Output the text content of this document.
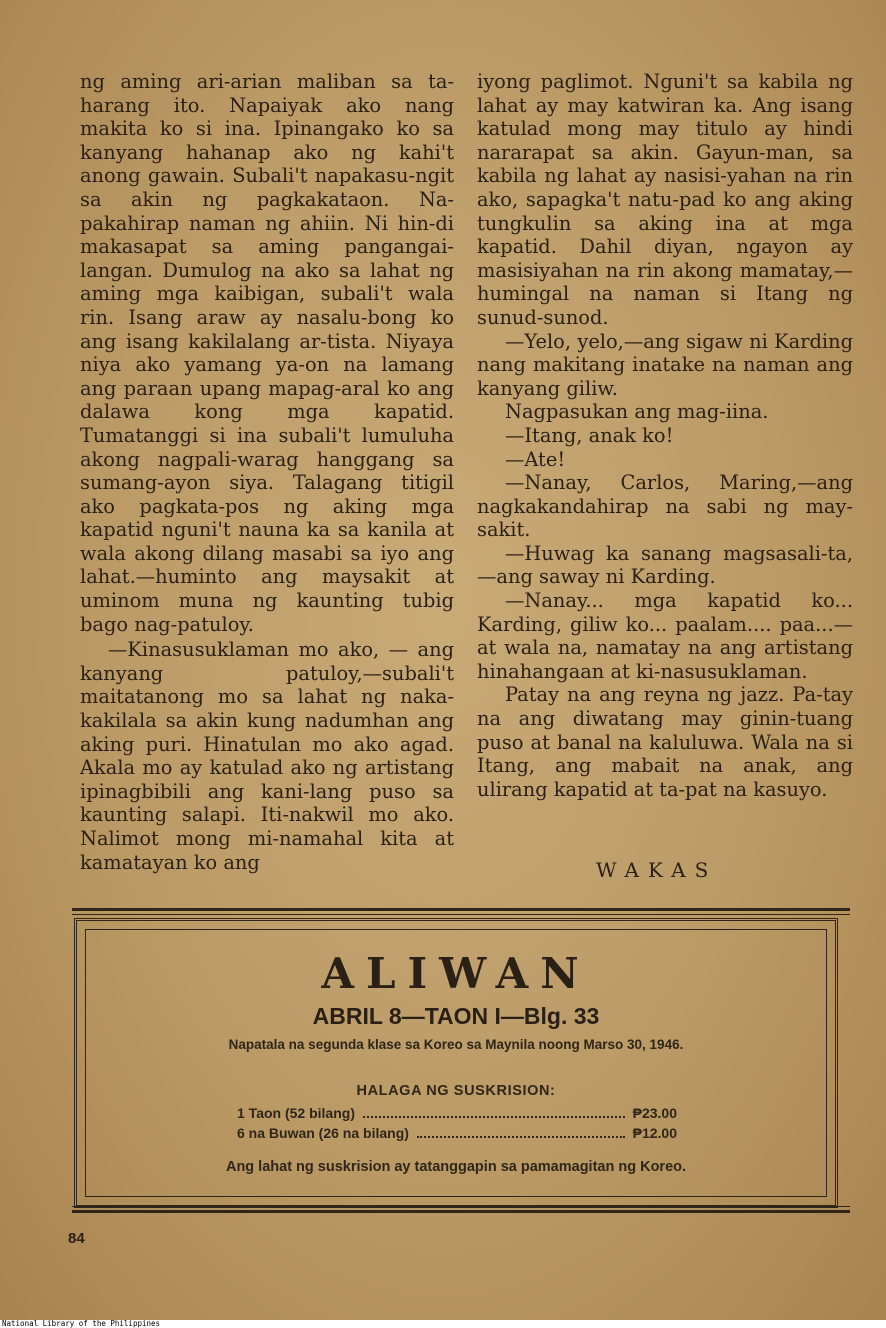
ng aming ari-arian maliban sa ta-harang ito. Napaiyak ako nang makita ko si ina. Ipinangako ko sa kanyang hahanap ako ng kahi't anong gawain. Subali't napakasu-ngit sa akin ng pagkakataon. Na-pakahirap naman ng ahiin. Ni hin-di makasapat sa aming pangangai-langan. Dumulog na ako sa lahat ng aming mga kaibigan, subali't wala rin. Isang araw ay nasalu-bong ko ang isang kakilalang ar-tista. Niyaya niya ako yamang ya-on na lamang ang paraan upang mapag-aral ko ang dalawa kong mga kapatid. Tumatanggi si ina subali't lumuluha akong nagpali-warag hanggang sa sumang-ayon siya. Talagang titigil ako pagkata-pos ng aking mga kapatid nguni't nauna ka sa kanila at wala akong dilang masabi sa iyo ang lahat.—huminto ang maysakit at uminom muna ng kaunting tubig bago nag-patuloy.

—Kinasusuklaman mo ako, — ang kanyang patuloy,—subali't maitatanong mo sa lahat ng naka-kakilala sa akin kung nadumhan ang aking puri. Hinatulan mo ako agad. Akala mo ay katulad ako ng artistang ipinagbibili ang kani-lang puso sa kaunting salapi. Iti-nakwil mo ako. Nalimot mong mi-namahal kita at kamatayan ko ang

iyong paglimot. Nguni't sa kabila ng lahat ay may katwiran ka. Ang isang katulad mong may titulo ay hindi nararapat sa akin. Gayun-man, sa kabila ng lahat ay nasisi-yahan na rin ako, sapagka't natu-pad ko ang aking tungkulin sa aking ina at mga kapatid. Dahil diyan, ngayon ay masisiyahan na rin akong mamatay,—humingal na naman si Itang ng sunud-sunod.

—Yelo, yelo,—ang sigaw ni Karding nang makitang inatake na naman ang kanyang giliw.

Nagpasukan ang mag-iina.

—Itang, anak ko!

—Ate!

—Nanay, Carlos, Maring,—ang nagkakandahirap na sabi ng may-sakit.

—Huwag ka sanang magsasali-ta,—ang saway ni Karding.

—Nanay... mga kapatid ko... Karding, giliw ko... paalam.... paa...—at wala na, namatay na ang artistang hinahangaan at ki-nasusuklaman.

Patay na ang reyna ng jazz. Pa-tay na ang diwatang may ginin-tuang puso at banal na kaluluwa. Wala na si Itang, ang mabait na anak, ang ulirang kapatid at ta-pat na kasuyo.

WAKAS
ALIWAN
ABRIL 8—TAON I—Blg. 33
Napatala na segunda klase sa Koreo sa Maynila noong Marso 30, 1946.
HALAGA NG SUSKRISION:
1 Taon (52 bilang)	₱23.00
6 na Buwan (26 na bilang)	₱12.00
Ang lahat ng suskrision ay tatanggapin sa pamamagitan ng Koreo.
84
National Library of the Philippines
